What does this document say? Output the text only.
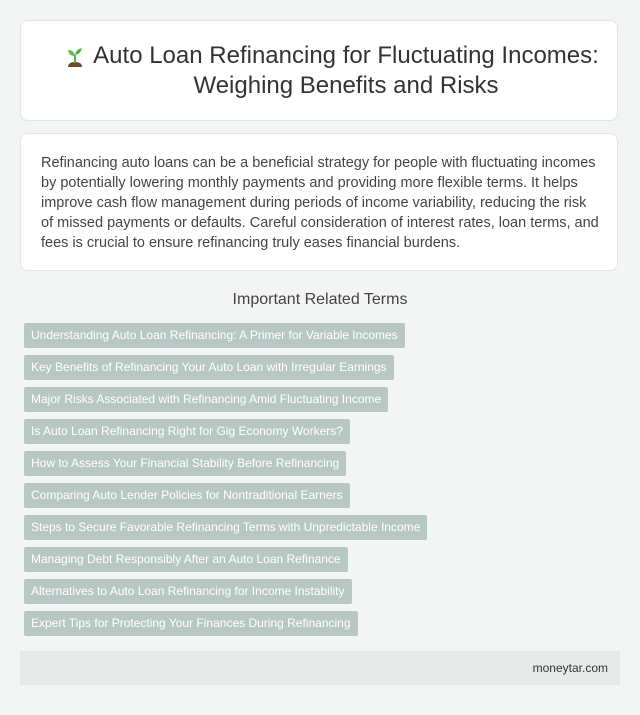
Auto Loan Refinancing for Fluctuating Incomes: Weighing Benefits and Risks

Refinancing auto loans can be a beneficial strategy for people with fluctuating incomes by potentially lowering monthly payments and providing more flexible terms. It helps improve cash flow management during periods of income variability, reducing the risk of missed payments or defaults. Careful consideration of interest rates, loan terms, and fees is crucial to ensure refinancing truly eases financial burdens.

Important Related Terms
Understanding Auto Loan Refinancing: A Primer for Variable Incomes
Key Benefits of Refinancing Your Auto Loan with Irregular Earnings
Major Risks Associated with Refinancing Amid Fluctuating Income
Is Auto Loan Refinancing Right for Gig Economy Workers?
How to Assess Your Financial Stability Before Refinancing
Comparing Auto Lender Policies for Nontraditional Earners
Steps to Secure Favorable Refinancing Terms with Unpredictable Income
Managing Debt Responsibly After an Auto Loan Refinance
Alternatives to Auto Loan Refinancing for Income Instability
Expert Tips for Protecting Your Finances During Refinancing
moneytar.com
